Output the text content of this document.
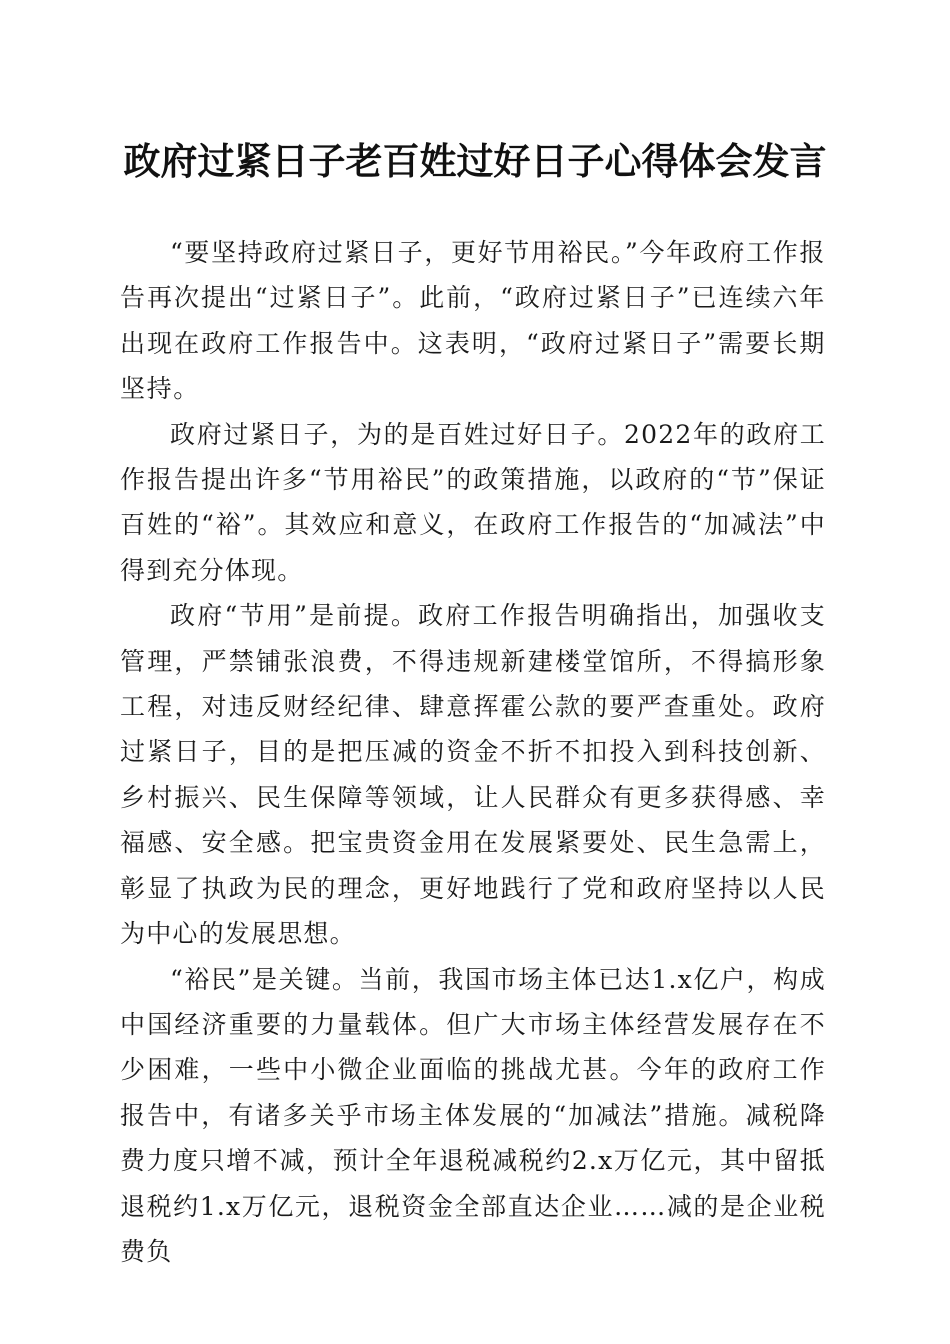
政府过紧日子老百姓过好日子心得体会发言

“要坚持政府过紧日子，更好节用裕民。”今年政府工作报告再次提出“过紧日子”。此前，“政府过紧日子”已连续六年出现在政府工作报告中。这表明，“政府过紧日子”需要长期坚持。

政府过紧日子，为的是百姓过好日子。2022年的政府工作报告提出许多“节用裕民”的政策措施，以政府的“节”保证百姓的“裕”。其效应和意义，在政府工作报告的“加减法”中得到充分体现。

政府“节用”是前提。政府工作报告明确指出，加强收支管理，严禁铺张浪费，不得违规新建楼堂馆所，不得搞形象工程，对违反财经纪律、肆意挥霍公款的要严查重处。政府过紧日子，目的是把压减的资金不折不扣投入到科技创新、乡村振兴、民生保障等领域，让人民群众有更多获得感、幸福感、安全感。把宝贵资金用在发展紧要处、民生急需上，彰显了执政为民的理念，更好地践行了党和政府坚持以人民为中心的发展思想。

“裕民”是关键。当前，我国市场主体已达1.x亿户，构成中国经济重要的力量载体。但广大市场主体经营发展存在不少困难，一些中小微企业面临的挑战尤甚。今年的政府工作报告中，有诸多关乎市场主体发展的“加减法”措施。减税降费力度只增不减，预计全年退税减税约2.x万亿元，其中留抵退税约1.x万亿元，退税资金全部直达企业……减的是企业税费负
